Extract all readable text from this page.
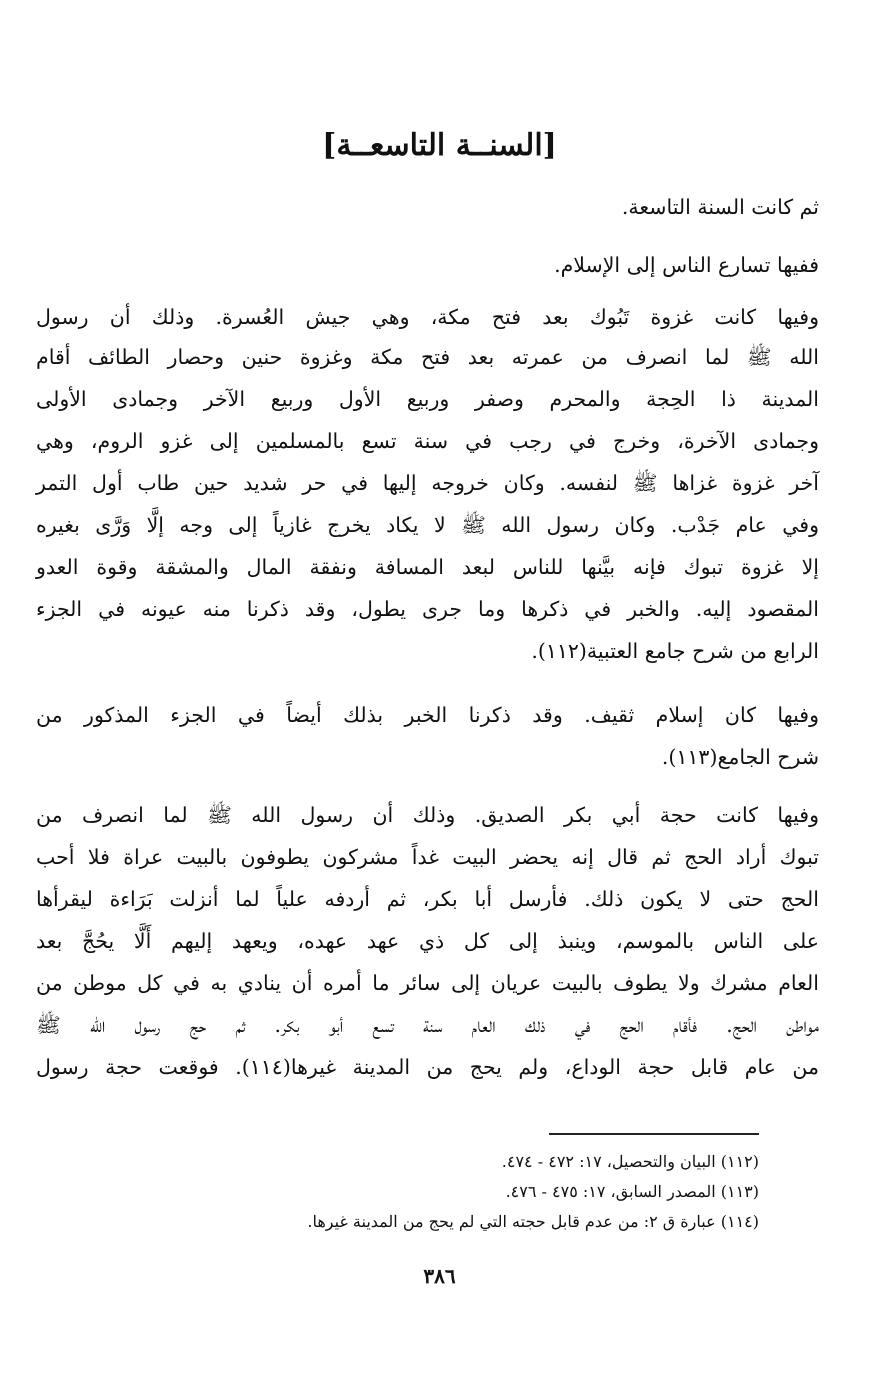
[السنــة التاسعــة]
ثم كانت السنة التاسعة.
ففيها تسارع الناس إلى الإسلام.
وفيها كانت غزوة تَبُوك بعد فتح مكة، وهي جيش العُسرة. وذلك أن رسول
الله ﷺ لما انصرف من عمرته بعد فتح مكة وغزوة حنين وحصار الطائف أقام
المدينة ذا الحِجة والمحرم وصفر وربيع الأول وربيع الآخر وجمادى الأولى
وجمادى الآخرة، وخرج في رجب في سنة تسع بالمسلمين إلى غزو الروم، وهي
آخر غزوة غزاها ﷺ لنفسه. وكان خروجه إليها في حر شديد حين طاب أول التمر
وفي عام جَدْب. وكان رسول الله ﷺ لا يكاد يخرج غازياً إلى وجه إلَّا وَرَّى بغيره
إلا غزوة تبوك فإنه بيَّنها للناس لبعد المسافة ونفقة المال والمشقة وقوة العدو
المقصود إليه. والخبر في ذكرها وما جرى يطول، وقد ذكرنا منه عيونه في الجزء
الرابع من شرح جامع العتبية(١١٢).
وفيها كان إسلام ثقيف. وقد ذكرنا الخبر بذلك أيضاً في الجزء المذكور من
شرح الجامع(١١٣).
وفيها كانت حجة أبي بكر الصديق. وذلك أن رسول الله ﷺ لما انصرف من
تبوك أراد الحج ثم قال إنه يحضر البيت غداً مشركون يطوفون بالبيت عراة فلا أحب
الحج حتى لا يكون ذلك. فأرسل أبا بكر، ثم أردفه علياً لما أنزلت بَرَاءة ليقرأها
على الناس بالموسم، وينبذ إلى كل ذي عهد عهده، ويعهد إليهم أَلَّا يحُجَّ بعد
العام مشرك ولا يطوف بالبيت عريان إلى سائر ما أمره أن ينادي به في كل موطن من
مواطن الحج. فأقام الحج في ذلك العام سنة تسع أبو بكر. ثم حج رسول الله ﷺ
من عام قابل حجة الوداع، ولم يحج من المدينة غيرها(١١٤). فوقعت حجة رسول
(١١٢) البيان والتحصيل، ١٧: ٤٧٢ - ٤٧٤.
(١١٣) المصدر السابق، ١٧: ٤٧٥ - ٤٧٦.
(١١٤) عبارة ق ٢: من عدم قابل حجته التي لم يحج من المدينة غيرها.
٣٨٦
